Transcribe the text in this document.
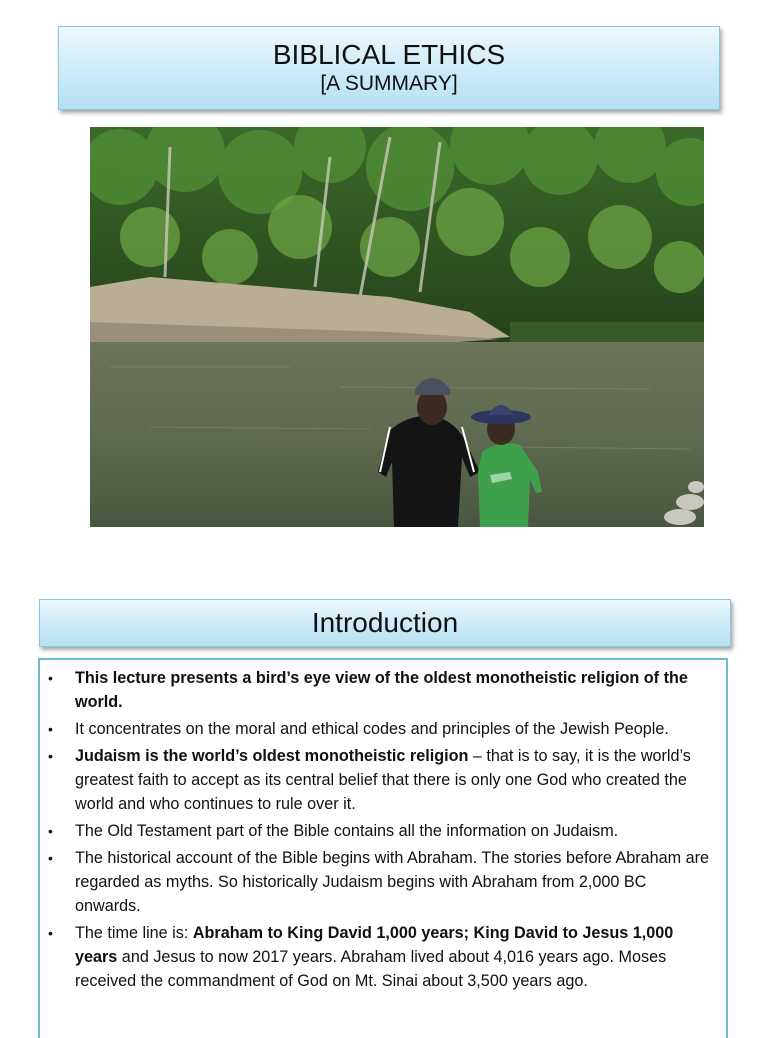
BIBLICAL ETHICS
[A SUMMARY]
Introduction
• This lecture presents a bird’s eye view of the oldest monotheistic religion of the world.
• It concentrates on the moral and ethical codes and principles of the Jewish People.
• Judaism is the world’s oldest monotheistic religion – that is to say, it is the world’s greatest faith to accept as its central belief that there is only one God who created the world and who continues to rule over it.
• The Old Testament part of the Bible contains all the information on Judaism.
• The historical account of the Bible begins with Abraham. The stories before Abraham are regarded as myths. So historically Judaism begins with Abraham from 2,000 BC onwards.
• The time line is: Abraham to King David 1,000 years; King David to Jesus 1,000 years and Jesus to now 2017 years. Abraham lived about 4,016 years ago. Moses received the commandment of God on Mt. Sinai about 3,500 years ago.
